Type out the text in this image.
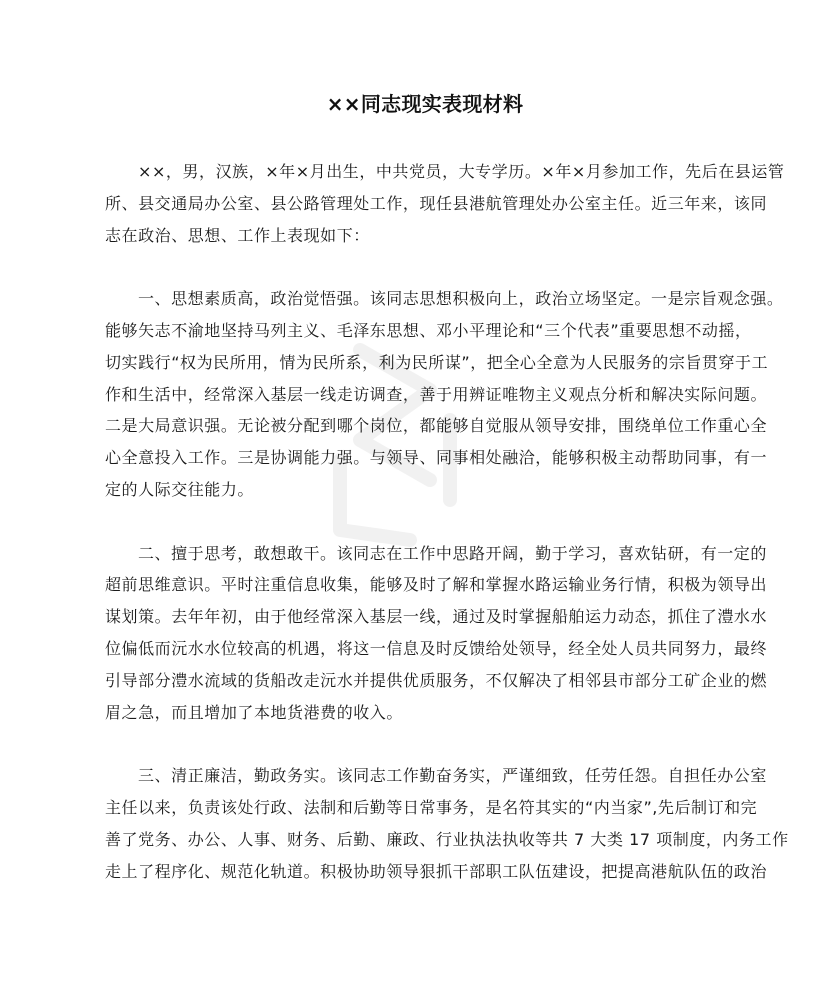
××同志现实表现材料

××，男，汉族，×年×月出生，中共党员，大专学历。×年×月参加工作，先后在县运管
所、县交通局办公室、县公路管理处工作，现任县港航管理处办公室主任。近三年来，该同
志在政治、思想、工作上表现如下：

一、思想素质高，政治觉悟强。该同志思想积极向上，政治立场坚定。一是宗旨观念强。
能够矢志不渝地坚持马列主义、毛泽东思想、邓小平理论和“三个代表”重要思想不动摇，
切实践行“权为民所用，情为民所系，利为民所谋”，把全心全意为人民服务的宗旨贯穿于工
作和生活中，经常深入基层一线走访调查，善于用辨证唯物主义观点分析和解决实际问题。
二是大局意识强。无论被分配到哪个岗位，都能够自觉服从领导安排，围绕单位工作重心全
心全意投入工作。三是协调能力强。与领导、同事相处融洽，能够积极主动帮助同事，有一
定的人际交往能力。

二、擅于思考，敢想敢干。该同志在工作中思路开阔，勤于学习，喜欢钻研，有一定的
超前思维意识。平时注重信息收集，能够及时了解和掌握水路运输业务行情，积极为领导出
谋划策。去年年初，由于他经常深入基层一线，通过及时掌握船舶运力动态，抓住了澧水水
位偏低而沅水水位较高的机遇，将这一信息及时反馈给处领导，经全处人员共同努力，最终
引导部分澧水流域的货船改走沅水并提供优质服务，不仅解决了相邻县市部分工矿企业的燃
眉之急，而且增加了本地货港费的收入。

三、清正廉洁，勤政务实。该同志工作勤奋务实，严谨细致，任劳任怨。自担任办公室
主任以来，负责该处行政、法制和后勤等日常事务，是名符其实的“内当家”,先后制订和完
善了党务、办公、人事、财务、后勤、廉政、行业执法执收等共 7 大类 17 项制度，内务工作
走上了程序化、规范化轨道。积极协助领导狠抓干部职工队伍建设，把提高港航队伍的政治
